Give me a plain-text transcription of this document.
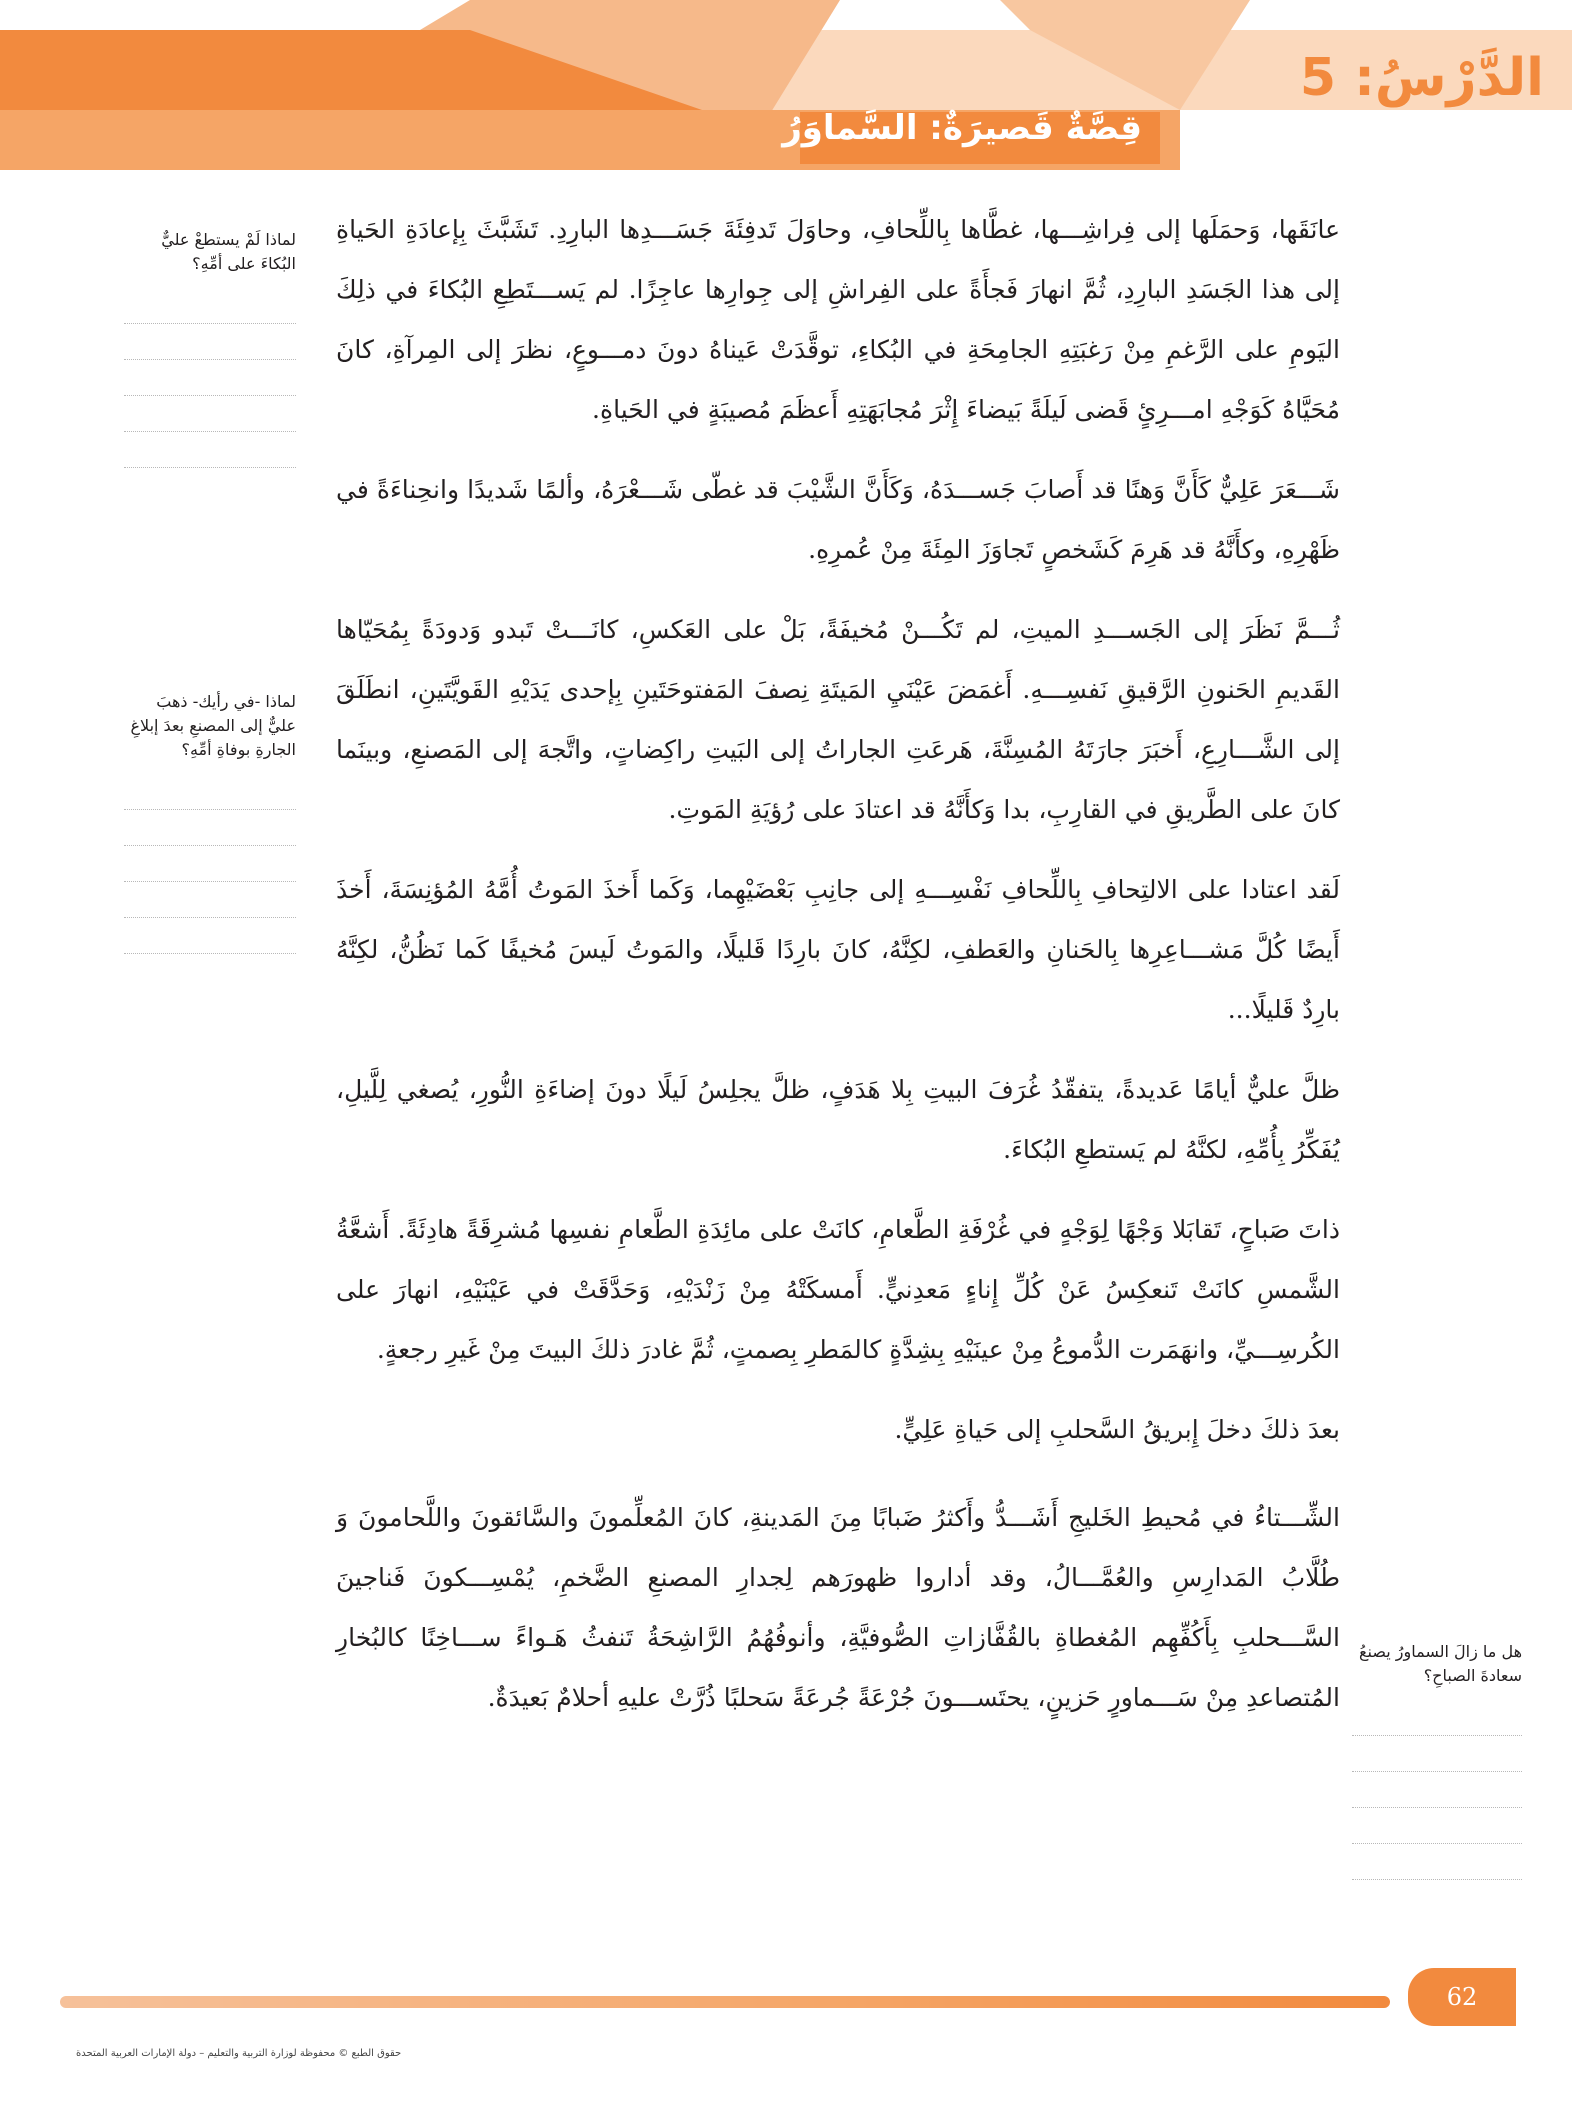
الدَّرْسُ: 5
قِصَّةٌ قَصيرَةٌ: السَّماوَرُ

عانَقَها، وَحمَلَها إلى فِراشِـــها، غطَّاها بِاللِّحافِ، وحاوَلَ تَدفِئَةَ جَسَـــدِها البارِدِ. تَشَبَّثَ بِإعادَةِ الحَياةِ إلى هذا الجَسَدِ البارِدِ، ثُمَّ انهارَ فَجأَةً على الفِراشِ إلى جِوارِها عاجِزًا. لم يَســـتَطِعِ البُكاءَ في ذلِكَ اليَومِ على الرَّغمِ مِنْ رَغبَتِهِ الجامِحَةِ في البُكاءِ، توقَّدَتْ عَيناهُ دونَ دمـــوعٍ، نظرَ إلى المِرآةِ، كانَ مُحَيَّاهُ كَوَجْهِ امـــرِئٍ قَضى لَيلَةً بَيضاءَ إِثْرَ مُجابَهَتِهِ أَعظَمَ مُصيبَةٍ في الحَياةِ.

شَـــعَرَ عَلِيٌّ كَأَنَّ وَهنًا قد أَصابَ جَســـدَهُ، وَكَأَنَّ الشَّيْبَ قد غطّى شَـــعْرَهُ، وألمًا شَديدًا وانحِناءَةً في ظَهْرِهِ، وكأَنَّهُ قد هَرِمَ كَشَخصٍ تَجاوَزَ المِئَةَ مِنْ عُمرِهِ.

ثُـــمَّ نَظَرَ إلى الجَســـدِ الميتِ، لم تَكُـــنْ مُخيفَةً، بَلْ على العَكسِ، كانَـــتْ تَبدو وَدودَةً بِمُحَيّاها القَديمِ الحَنونِ الرَّقيقِ نَفسِـــهِ. أَغمَضَ عَيْنَيِ المَيتَةِ نِصفَ المَفتوحَتَينِ بِإحدى يَدَيْهِ القَويَّتَينِ، انطَلَقَ إلى الشَّـــارِعِ، أَخبَرَ جارَتَهُ المُسِنَّةَ، هَرعَتِ الجاراتُ إلى البَيتِ راكِضاتٍ، واتَّجهَ إلى المَصنعِ، وبينَما كانَ على الطَّريقِ في القارِبِ، بدا وَكأَنَّهُ قد اعتادَ على رُؤيَةِ المَوتِ.

لَقد اعتادا على الالتِحافِ بِاللِّحافِ نَفْسِـــهِ إلى جانِبِ بَعْضَيْهِما، وَكَما أَخذَ المَوتُ أُمَّهُ المُؤنِسَةَ، أَخذَ أَيضًا كُلَّ مَشـــاعِرِها بِالحَنانِ والعَطفِ، لكِنَّهُ، كانَ بارِدًا قَليلًا، والمَوتُ لَيسَ مُخيفًا كَما نَظُنُّ، لكِنَّهُ بارِدٌ قَليلًا...

ظلَّ عليٌّ أيامًا عَديدةً، يتفقّدُ غُرَفَ البيتِ بِلا هَدَفٍ، ظلَّ يجلِسُ لَيلًا دونَ إضاءَةِ النُّورِ، يُصغي لِلَّيلِ، يُفَكِّرُ بِأُمِّهِ، لكنَّهُ لم يَستطعِ البُكاءَ.

ذاتَ صَباحٍ، تَقابَلا وَجْهًا لِوَجْهٍ في غُرْفَةِ الطَّعامِ، كانَتْ على مائِدَةِ الطَّعامِ نفسِها مُشرِقَةً هادِئَةً. أَشعَّةُ الشَّمسِ كانَتْ تَنعكِسُ عَنْ كُلِّ إِناءٍ مَعدِنيٍّ. أَمسكَتْهُ مِنْ زَنْدَيْهِ، وَحَدَّقَتْ في عَيْنَيْهِ، انهارَ على الكُرسِـــيِّ، وانهَمَرت الدُّموعُ مِنْ عينَيْهِ بِشِدَّةٍ كالمَطرِ بِصمتٍ، ثُمَّ غادرَ ذلكَ البيتَ مِنْ غَيرِ رجعةٍ.

بعدَ ذلكَ دخلَ إِبريقُ السَّحلبِ إلى حَياةِ عَلِيٍّ.

الشِّـــتاءُ في مُحيطِ الخَليجِ أَشَـــدُّ وأَكثرُ ضَبابًا مِنَ المَدينةِ، كانَ المُعلِّمونَ والسَّائقونَ واللَّحامونَ وَ طُلَّابُ المَدارِسِ والعُمَّـــالُ، وقد أداروا ظهورَهم لِجدارِ المصنعِ الضَّخمِ، يُمْسِـــكونَ فَناجينَ السَّـــحلبِ بِأَكُفِّهِم المُغطاةِ بالقُفَّازاتِ الصُّوفيَّةِ، وأنوفُهُمُ الرَّاشِحَةُ تَنفثُ هَـواءً ســـاخِنًا كالبُخارِ المُتصاعدِ مِنْ سَـــماورٍ حَزينٍ، يحتَســـونَ جُرْعَةً جُرعَةً سَحلبًا ذُرَّتْ عليهِ أحلامٌ بَعيدَةٌ.

لماذا لَمْ يستطعْ عليٌّ البُكاءَ على أمِّهِ؟

لماذا -في رأيك- ذهبَ عليٌّ إلى المصنعِ بعدَ إبلاغِ الجارةِ بوفاةِ أمِّهِ؟

هل ما زالَ السماورُ يصنعُ سعادةَ الصباحِ؟

62
حقوق الطبع © محفوظة لوزارة التربية والتعليم – دولة الإمارات العربية المتحدة
